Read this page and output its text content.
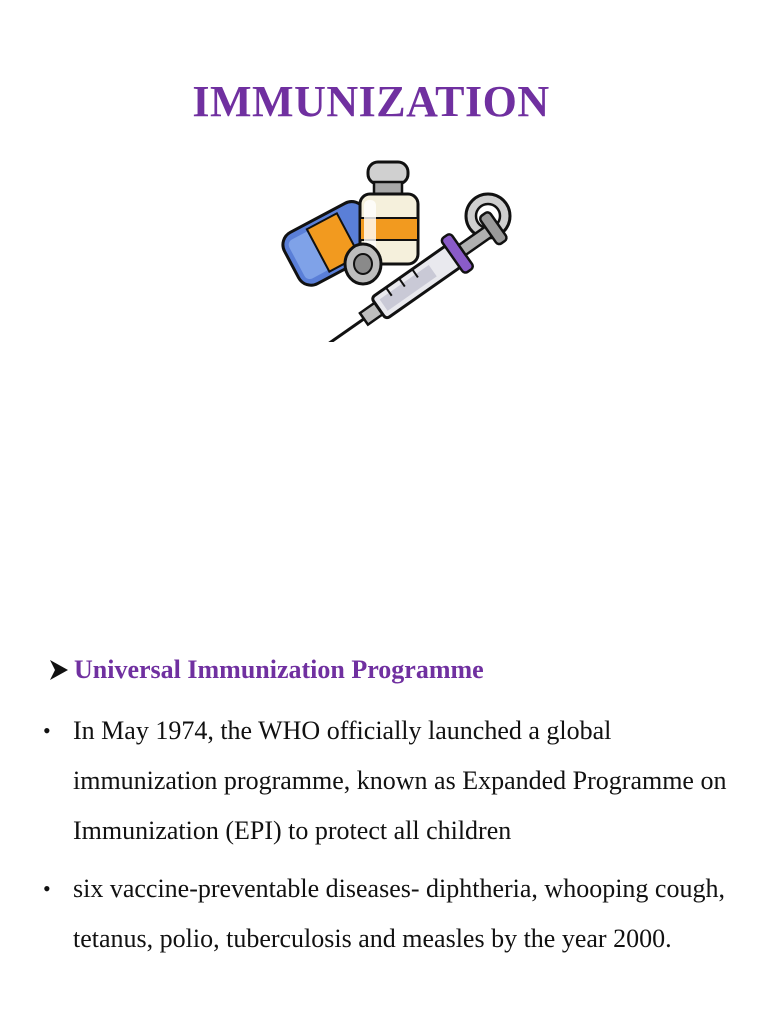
IMMUNIZATION
Universal Immunization Programme
• In May 1974, the WHO officially launched a global immunization programme, known as Expanded Programme on Immunization (EPI) to protect all children
• six vaccine-preventable diseases- diphtheria, whooping cough, tetanus, polio, tuberculosis and measles by the year 2000.
